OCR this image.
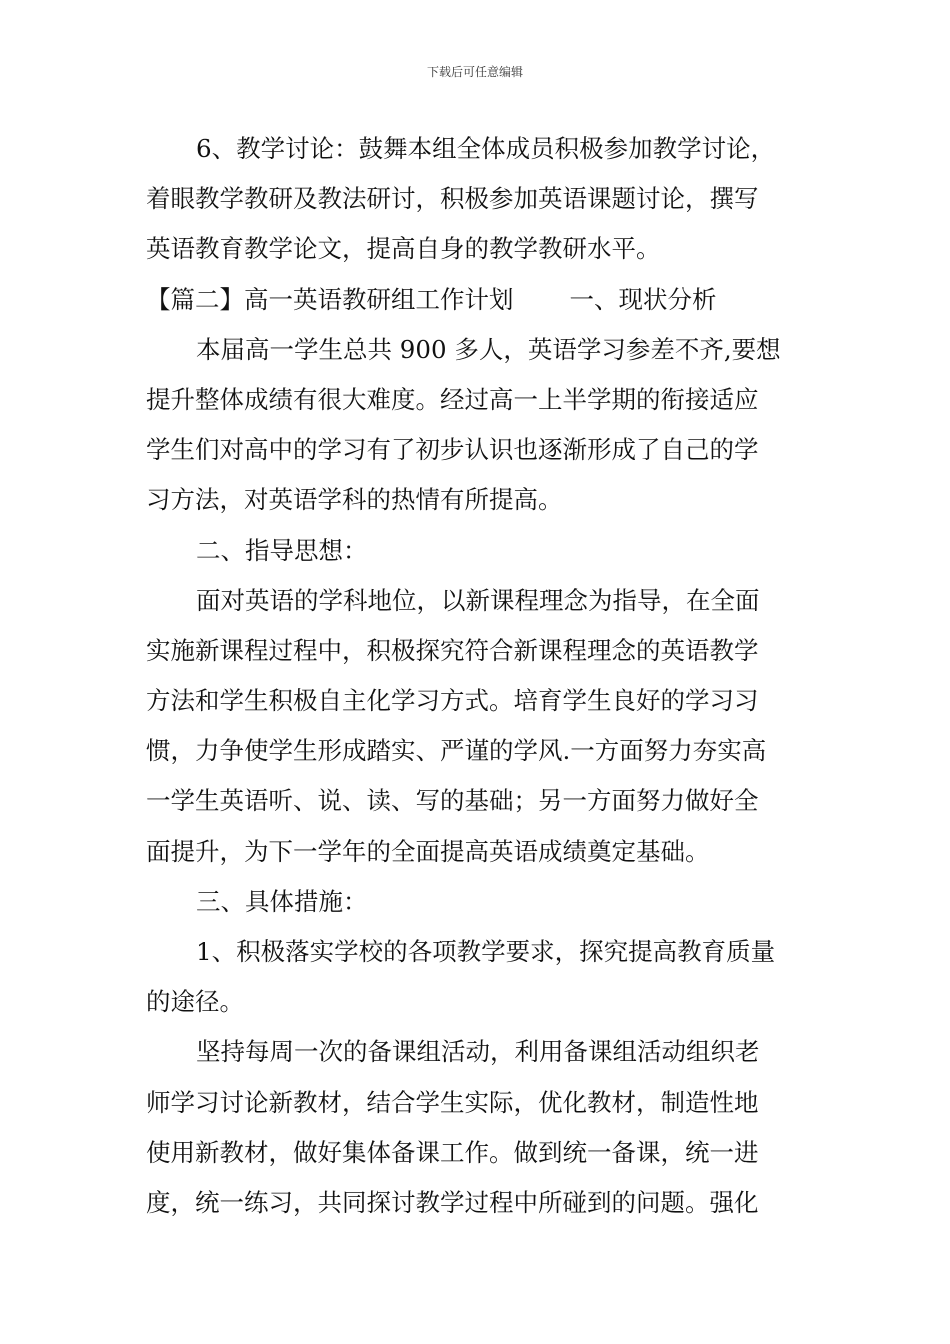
下载后可任意编辑
6、教学讨论：鼓舞本组全体成员积极参加教学讨论，
着眼教学教研及教法研讨，积极参加英语课题讨论，撰写
英语教育教学论文，提高自身的教学教研水平。
【篇二】高一英语教研组工作计划 一、现状分析
本届高一学生总共 900 多人，英语学习参差不齐,要想
提升整体成绩有很大难度。经过高一上半学期的衔接适应
学生们对高中的学习有了初步认识也逐渐形成了自己的学
习方法，对英语学科的热情有所提高。
二、指导思想：
面对英语的学科地位，以新课程理念为指导，在全面
实施新课程过程中，积极探究符合新课程理念的英语教学
方法和学生积极自主化学习方式。培育学生良好的学习习
惯，力争使学生形成踏实、严谨的学风.一方面努力夯实高
一学生英语听、说、读、写的基础；另一方面努力做好全
面提升，为下一学年的全面提高英语成绩奠定基础。
三、具体措施：
1、积极落实学校的各项教学要求，探究提高教育质量
的途径。
坚持每周一次的备课组活动，利用备课组活动组织老
师学习讨论新教材，结合学生实际，优化教材，制造性地
使用新教材，做好集体备课工作。做到统一备课，统一进
度，统一练习，共同探讨教学过程中所碰到的问题。强化
